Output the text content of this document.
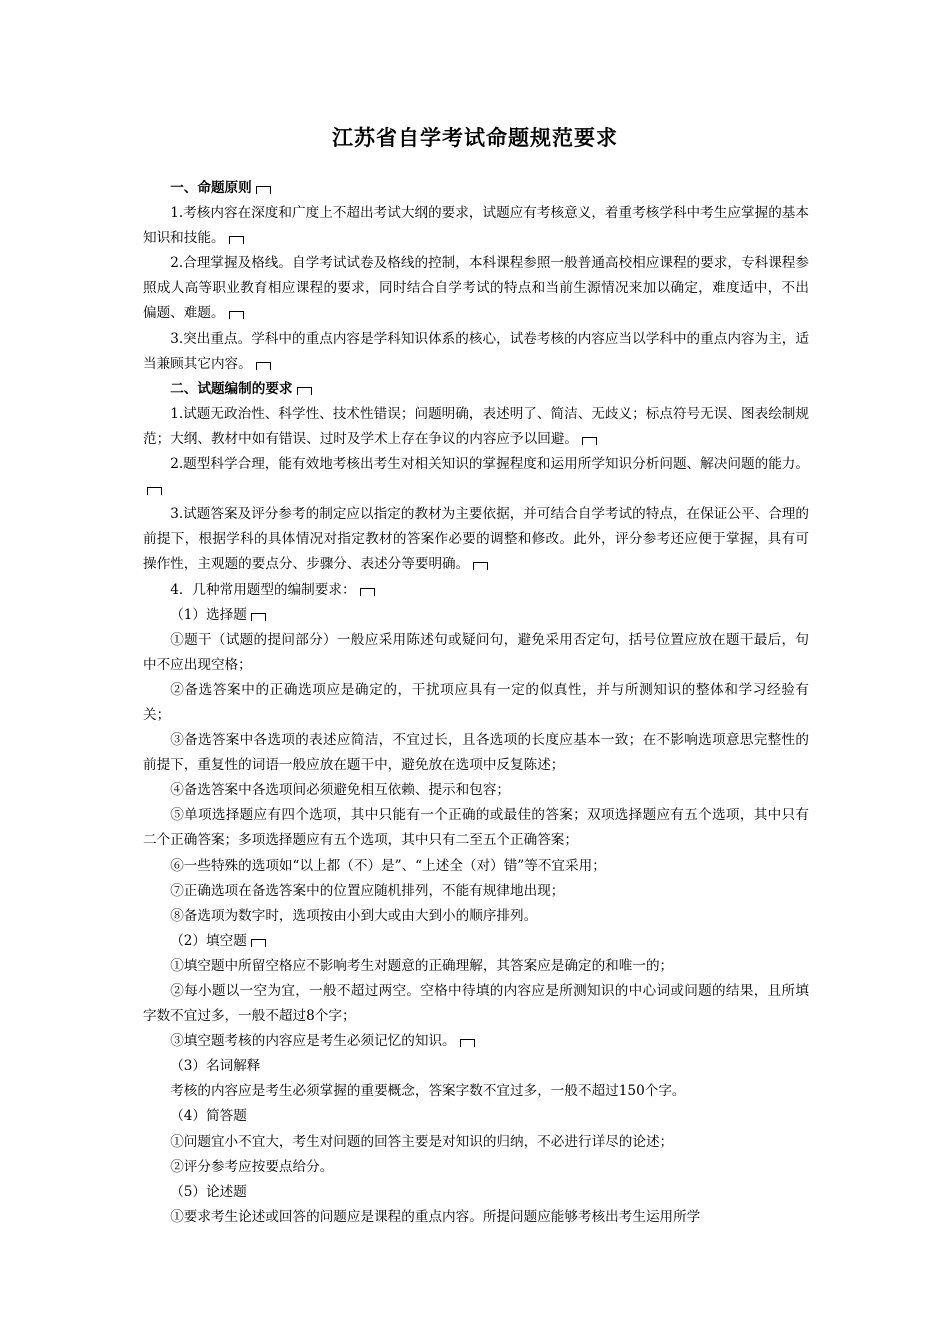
江苏省自学考试命题规范要求

一、命题原则

1.考核内容在深度和广度上不超出考试大纲的要求，试题应有考核意义，着重考核学科中考生应掌握的基本知识和技能。

2.合理掌握及格线。自学考试试卷及格线的控制，本科课程参照一般普通高校相应课程的要求，专科课程参照成人高等职业教育相应课程的要求，同时结合自学考试的特点和当前生源情况来加以确定，难度适中，不出偏题、难题。

3.突出重点。学科中的重点内容是学科知识体系的核心，试卷考核的内容应当以学科中的重点内容为主，适当兼顾其它内容。

二、试题编制的要求

1.试题无政治性、科学性、技术性错误；问题明确，表述明了、简洁、无歧义；标点符号无误、图表绘制规范；大纲、教材中如有错误、过时及学术上存在争议的内容应予以回避。

2.题型科学合理，能有效地考核出考生对相关知识的掌握程度和运用所学知识分析问题、解决问题的能力。

3.试题答案及评分参考的制定应以指定的教材为主要依据，并可结合自学考试的特点，在保证公平、合理的前提下，根据学科的具体情况对指定教材的答案作必要的调整和修改。此外，评分参考还应便于掌握，具有可操作性，主观题的要点分、步骤分、表述分等要明确。

4．几种常用题型的编制要求：

（1）选择题

①题干（试题的提问部分）一般应采用陈述句或疑问句，避免采用否定句，括号位置应放在题干最后，句中不应出现空格；

②备选答案中的正确选项应是确定的，干扰项应具有一定的似真性，并与所测知识的整体和学习经验有关；

③备选答案中各选项的表述应简洁，不宜过长，且各选项的长度应基本一致；在不影响选项意思完整性的前提下，重复性的词语一般应放在题干中，避免放在选项中反复陈述；

④备选答案中各选项间必须避免相互依赖、提示和包容；

⑤单项选择题应有四个选项，其中只能有一个正确的或最佳的答案；双项选择题应有五个选项，其中只有二个正确答案；多项选择题应有五个选项，其中只有二至五个正确答案；

⑥一些特殊的选项如“以上都（不）是”、“上述全（对）错”等不宜采用；

⑦正确选项在备选答案中的位置应随机排列，不能有规律地出现；

⑧备选项为数字时，选项按由小到大或由大到小的顺序排列。

（2）填空题

①填空题中所留空格应不影响考生对题意的正确理解，其答案应是确定的和唯一的；

②每小题以一空为宜，一般不超过两空。空格中待填的内容应是所测知识的中心词或问题的结果，且所填字数不宜过多，一般不超过8个字；

③填空题考核的内容应是考生必须记忆的知识。

（3）名词解释

考核的内容应是考生必须掌握的重要概念，答案字数不宜过多，一般不超过150个字。

（4）简答题

①问题宜小不宜大，考生对问题的回答主要是对知识的归纳，不必进行详尽的论述；

②评分参考应按要点给分。

（5）论述题

①要求考生论述或回答的问题应是课程的重点内容。所提问题应能够考核出考生运用所学
